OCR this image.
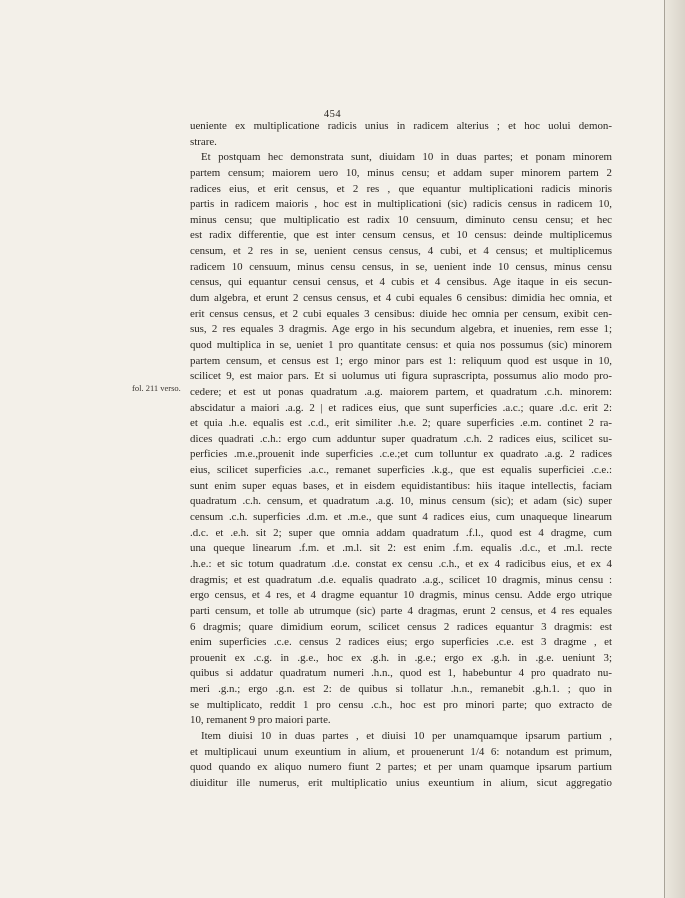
454
fol. 211 verso.
ueniente ex multiplicatione radicis unius in radicem alterius ; et hoc uolui demon-
strare.
Et postquam hec demonstrata sunt, diuidam 10 in duas partes; et ponam minorem
partem censum; maiorem uero 10, minus censu; et addam super minorem partem 2
radices eius, et erit census, et 2 res , que equantur multiplicationi radicis minoris
partis in radicem maioris , hoc est in multiplicationi (sic) radicis census in radicem 10,
minus censu; que multiplicatio est radix 10 censuum, diminuto censu censu; et hec
est radix differentie, que est inter censum census, et 10 census: deinde multiplicemus
censum, et 2 res in se, uenient census census, 4 cubi, et 4 census; et multiplicemus
radicem 10 censuum, minus censu census, in se, uenient inde 10 census, minus censu
census, qui equantur censui census, et 4 cubis et 4 censibus. Age itaque in eis secun-
dum algebra, et erunt 2 census census, et 4 cubi equales 6 censibus: dimidia hec omnia, et
erit census census, et 2 cubi equales 3 censibus: diuide hec omnia per censum, exibit cen-
sus, 2 res equales 3 dragmis. Age ergo in his secundum algebra, et inuenies, rem esse 1;
quod multiplica in se, ueniet 1 pro quantitate census: et quia nos possumus (sic) minorem
partem censum, et census est 1; ergo minor pars est 1: reliquum quod est usque in 10,
scilicet 9, est maior pars. Et si uolumus uti figura suprascripta, possumus alio modo pro-
cedere; et est ut ponas quadratum .a.g. maiorem partem, et quadratum .c.h. minorem:
abscidatur a maiori .a.g. 2 | et radices eius, que sunt superficies .a.c.; quare .d.c. erit 2:
et quia .h.e. equalis est .c.d., erit similiter .h.e. 2; quare superficies .e.m. continet 2 ra-
dices quadrati .c.h.: ergo cum adduntur super quadratum .c.h. 2 radices eius, scilicet su-
perficies .m.e.,prouenit inde superficies .c.e.;et cum tolluntur ex quadrato .a.g. 2 radices
eius, scilicet superficies .a.c., remanet superficies .k.g., que est equalis superficiei .c.e.:
sunt enim super equas bases, et in eisdem equidistantibus: hiis itaque intellectis, faciam
quadratum .c.h. censum, et quadratum .a.g. 10, minus censum (sic); et adam (sic) super
censum .c.h. superficies .d.m. et .m.e., que sunt 4 radices eius, cum unaqueque linearum
.d.c. et .e.h. sit 2; super que omnia addam quadratum .f.l., quod est 4 dragme, cum
una queque linearum .f.m. et .m.l. sit 2: est enim .f.m. equalis .d.c., et .m.l. recte
.h.e.: et sic totum quadratum .d.e. constat ex censu .c.h., et ex 4 radicibus eius, et ex 4
dragmis; et est quadratum .d.e. equalis quadrato .a.g., scilicet 10 dragmis, minus censu :
ergo census, et 4 res, et 4 dragme equantur 10 dragmis, minus censu. Adde ergo utrique
parti censum, et tolle ab utrumque (sic) parte 4 dragmas, erunt 2 census, et 4 res equales
6 dragmis; quare dimidium eorum, scilicet census 2 radices equantur 3 dragmis: est
enim superficies .c.e. census 2 radices eius; ergo superficies .c.e. est 3 dragme , et
prouenit ex .c.g. in .g.e., hoc ex .g.h. in .g.e.; ergo ex .g.h. in .g.e. ueniunt 3;
quibus si addatur quadratum numeri .h.n., quod est 1, habebuntur 4 pro quadrato nu-
meri .g.n.; ergo .g.n. est 2: de quibus si tollatur .h.n., remanebit .g.h.1. ; quo in
se multiplicato, reddit 1 pro censu .c.h., hoc est pro minori parte; quo extracto de
10, remanent 9 pro maiori parte.
Item diuisi 10 in duas partes , et diuisi 10 per unamquamque ipsarum partium ,
et multiplicaui unum exeuntium in alium, et prouenerunt 1/4 6: notandum est primum,
quod quando ex aliquo numero fiunt 2 partes; et per unam quamque ipsarum partium
diuiditur ille numerus, erit multiplicatio unius exeuntium in alium, sicut aggregatio
